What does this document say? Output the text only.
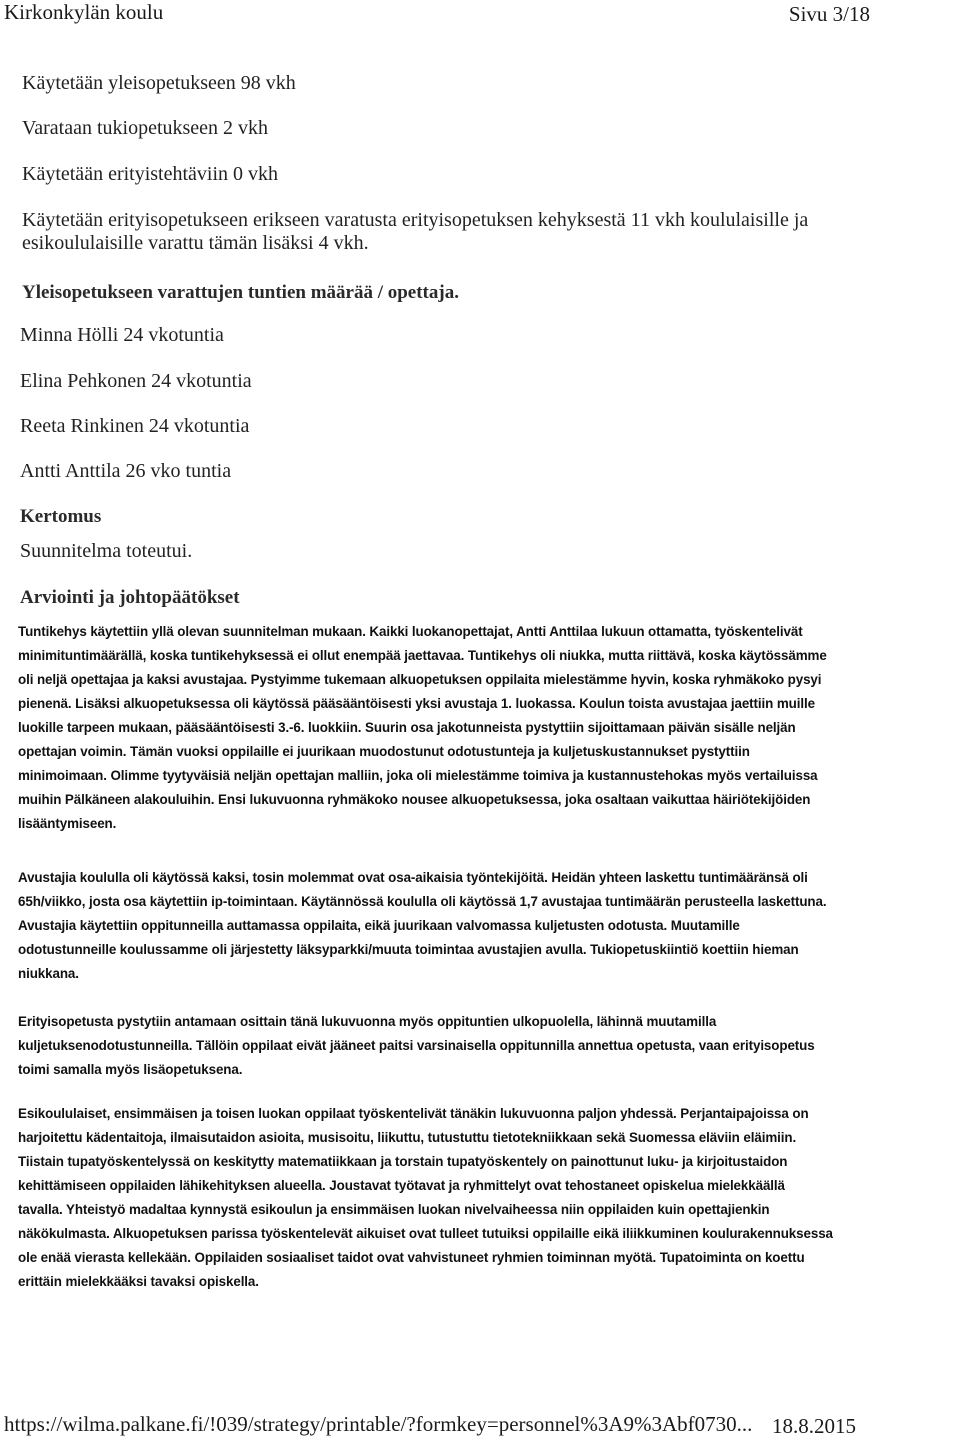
Kirkonkylän koulu	Sivu 3/18
Käytetään yleisopetukseen 98 vkh
Varataan tukiopetukseen 2 vkh
Käytetään erityistehtäviin 0 vkh
Käytetään erityisopetukseen erikseen varatusta erityisopetuksen kehyksestä 11 vkh koululaisille ja
esikoululaisille varattu tämän lisäksi 4 vkh.
Yleisopetukseen varattujen tuntien määrää / opettaja.
Minna Hölli 24 vkotuntia
Elina Pehkonen 24 vkotuntia
Reeta Rinkinen 24 vkotuntia
Antti Anttila 26 vko tuntia
Kertomus
Suunnitelma toteutui.
Arviointi ja johtopäätökset
Tuntikehys käytettiin yllä olevan suunnitelman mukaan. Kaikki luokanopettajat, Antti Anttilaa lukuun ottamatta, työskentelivät
minimituntimäärällä, koska tuntikehyksessä ei ollut enempää jaettavaa. Tuntikehys oli niukka, mutta riittävä, koska käytössämme
oli neljä opettajaa ja kaksi avustajaa. Pystyimme tukemaan alkuopetuksen oppilaita mielestämme hyvin, koska ryhmäkoko pysyi
pienenä. Lisäksi alkuopetuksessa oli käytössä pääsääntöisesti yksi avustaja 1. luokassa. Koulun toista avustajaa jaettiin muille
luokille tarpeen mukaan, pääsääntöisesti 3.-6. luokkiin. Suurin osa jakotunneista pystyttiin sijoittamaan päivän sisälle neljän
opettajan voimin. Tämän vuoksi oppilaille ei juurikaan muodostunut odotustunteja ja kuljetuskustannukset pystyttiin
minimoimaan. Olimme tyytyväisiä neljän opettajan malliin, joka oli mielestämme toimiva ja kustannustehokas myös vertailuissa
muihin Pälkäneen alakouluihin. Ensi lukuvuonna ryhmäkoko nousee alkuopetuksessa, joka osaltaan vaikuttaa häiriötekijöiden
lisääntymiseen.
Avustajia koululla oli käytössä kaksi, tosin molemmat ovat osa-aikaisia työntekijöitä. Heidän yhteen laskettu tuntimääränsä oli
65h/viikko, josta osa käytettiin ip-toimintaan. Käytännössä koululla oli käytössä 1,7 avustajaa tuntimäärän perusteella laskettuna.
Avustajia käytettiin oppitunneilla auttamassa oppilaita, eikä juurikaan valvomassa kuljetusten odotusta. Muutamille
odotustunneille koulussamme oli järjestetty läksyparkki/muuta toimintaa avustajien avulla. Tukiopetuskiintiö koettiin hieman
niukkana.
Erityisopetusta pystytiin antamaan osittain tänä lukuvuonna myös oppituntien ulkopuolella, lähinnä muutamilla
kuljetuksenodotustunneilla. Tällöin oppilaat eivät jääneet paitsi varsinaisella oppitunnilla annettua opetusta, vaan erityisopetus
toimi samalla myös lisäopetuksena.
Esikoululaiset, ensimmäisen ja toisen luokan oppilaat työskentelivät tänäkin lukuvuonna paljon yhdessä. Perjantaipajoissa on
harjoitettu kädentaitoja, ilmaisutaidon asioita, musisoitu, liikuttu, tutustuttu tietotekniikkaan sekä Suomessa eläviin eläimiin.
Tiistain tupatyöskentelyssä on keskitytty matematiikkaan ja torstain tupatyöskentely on painottunut luku- ja kirjoitustaidon
kehittämiseen oppilaiden lähikehityksen alueella. Joustavat työtavat ja ryhmittelyt ovat tehostaneet opiskelua mielekkäällä
tavalla. Yhteistyö madaltaa kynnystä esikoulun ja ensimmäisen luokan nivelvaiheessa niin oppilaiden kuin opettajienkin
näkökulmasta. Alkuopetuksen parissa työskentelevät aikuiset ovat tulleet tutuiksi oppilaille eikä iliikkuminen koulurakennuksessa
ole enää vierasta kellekään. Oppilaiden sosiaaliset taidot ovat vahvistuneet ryhmien toiminnan myötä. Tupatoiminta on koettu
erittäin mielekkääksi tavaksi opiskella.
https://wilma.palkane.fi/!039/strategy/printable/?formkey=personnel%3A9%3Abf0730... 18.8.2015
